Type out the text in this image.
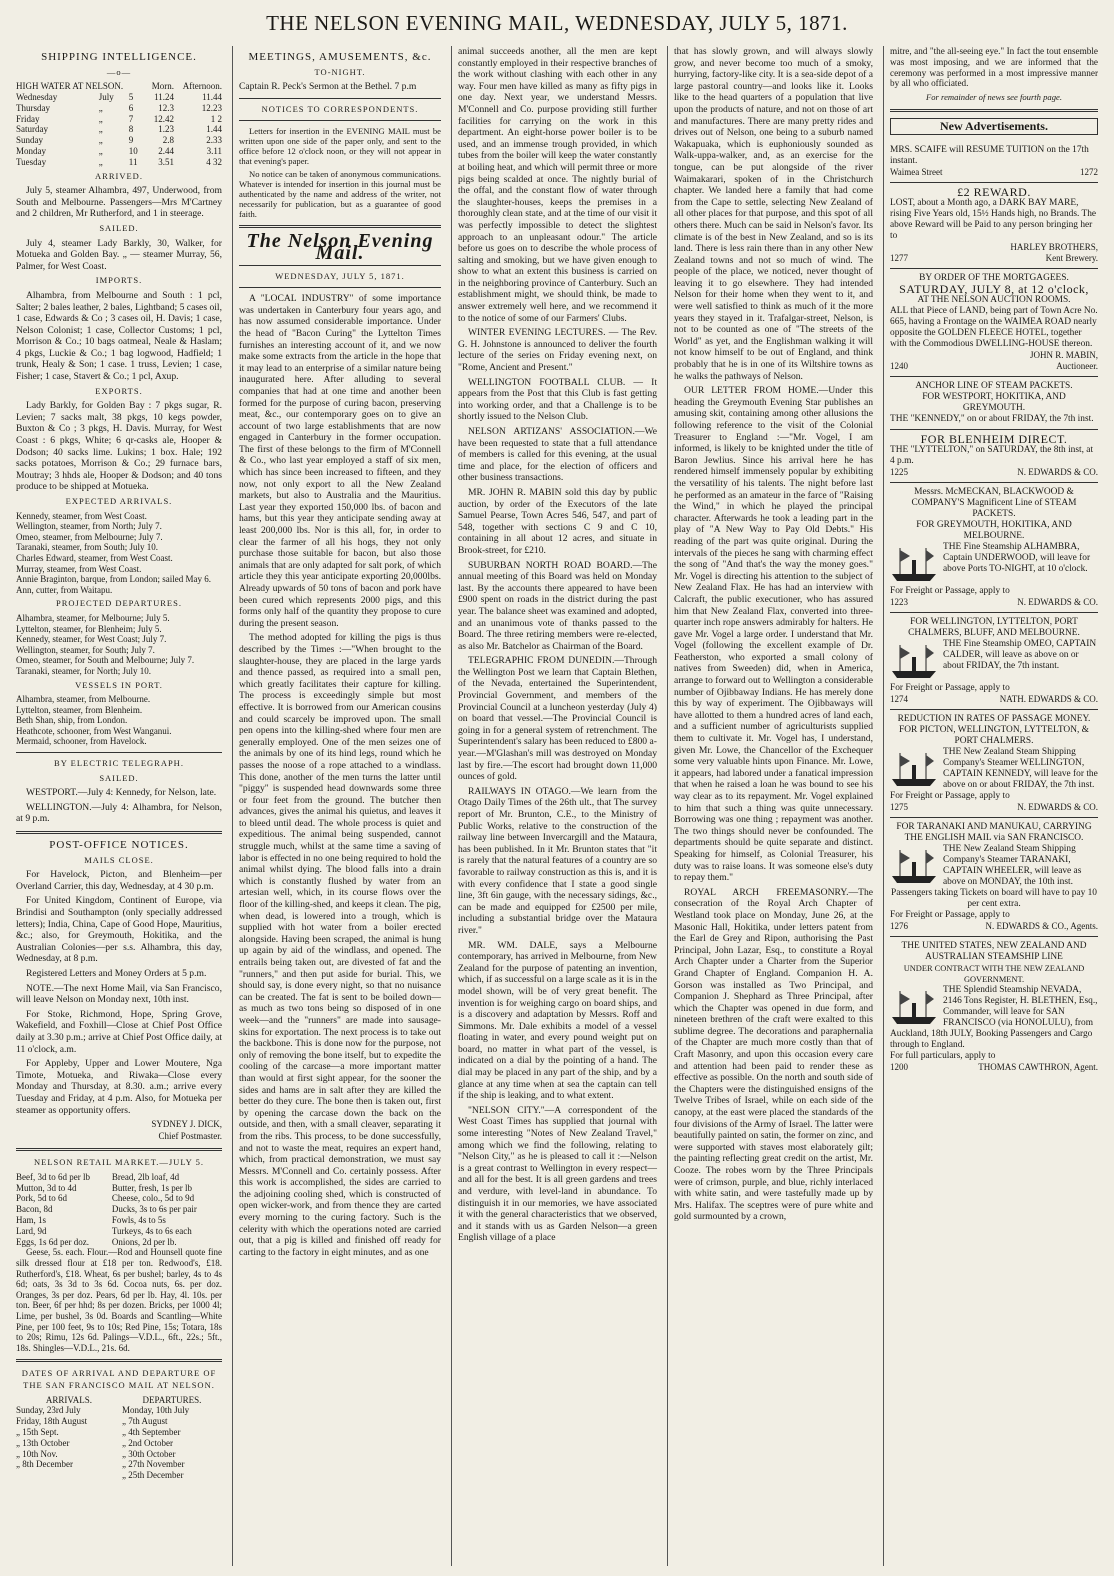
THE NELSON EVENING MAIL, WEDNESDAY, JULY 5, 1871.
SHIPPING INTELLIGENCE.
—o—
HIGH WATER AT NELSON.			Morn.	Afternoon.
Wednesday	July	5	11.24	11.44
Thursday	„	6	12.3	12.23
Friday	„	7	12.42	1 2
Saturday	„	8	1.23	1.44
Sunday	„	9	2.8	2.33
Monday	„	10	2.44	3.11
Tuesday	„	11	3.51	4 32
ARRIVED.

July 5, steamer Alhambra, 497, Underwood, from South and Melbourne. Passengers—Mrs M'Cartney and 2 children, Mr Rutherford, and 1 in steerage.

SAILED.

July 4, steamer Lady Barkly, 30, Walker, for Motueka and Golden Bay. „ — steamer Murray, 56, Palmer, for West Coast.

IMPORTS.

Alhambra, from Melbourne and South : 1 pcl, Salter; 2 bales leather, 2 bales, Lightband; 5 cases oil, 1 case, Edwards & Co ; 3 cases oil, H. Davis; 1 case, Nelson Colonist; 1 case, Collector Customs; 1 pcl, Morrison & Co.; 10 bags oatmeal, Neale & Haslam; 4 pkgs, Luckie & Co.; 1 bag logwood, Hadfield; 1 trunk, Healy & Son; 1 case. 1 truss, Levien; 1 case, Fisher; 1 case, Stavert & Co.; 1 pcl, Axup.

EXPORTS.

Lady Barkly, for Golden Bay : 7 pkgs sugar, R. Levien; 7 sacks malt, 38 pkgs, 10 kegs powder, Buxton & Co ; 3 pkgs, H. Davis. Murray, for West Coast : 6 pkgs, White; 6 qr-casks ale, Hooper & Dodson; 40 sacks lime. Lukins; 1 box. Hale; 192 sacks potatoes, Morrison & Co.; 29 furnace bars, Moutray; 3 hhds ale, Hooper & Dodson; and 40 tons produce to be shipped at Motueka.

EXPECTED ARRIVALS.
Kennedy, steamer, from West Coast.
Wellington, steamer, from North; July 7.
Omeo, steamer, from Melbourne; July 7.
Taranaki, steamer, from South; July 10.
Charles Edward, steamer, from West Coast.
Murray, steamer, from West Coast.
Annie Braginton, barque, from London; sailed May 6.
Ann, cutter, from Waitapu.
PROJECTED DEPARTURES.
Alhambra, steamer, for Melbourne; July 5.
Lyttelton, steamer, for Blenheim; July 5.
Kennedy, steamer, for West Coast; July 7.
Wellington, steamer, for South; July 7.
Omeo, steamer, for South and Melbourne; July 7.
Taranaki, steamer, for North; July 10.
VESSELS IN PORT.
Alhambra, steamer, from Melbourne.
Lyttelton, steamer, from Blenheim.
Beth Shan, ship, from London.
Heathcote, schooner, from West Wanganui.
Mermaid, schooner, from Havelock.
BY ELECTRIC TELEGRAPH.
SAILED.

WESTPORT.—July 4: Kennedy, for Nelson, late.

WELLINGTON.—July 4: Alhambra, for Nelson, at 9 p.m.

POST-OFFICE NOTICES.
MAILS CLOSE.

For Havelock, Picton, and Blenheim—per Overland Carrier, this day, Wednesday, at 4 30 p.m.

For United Kingdom, Continent of Europe, via Brindisi and Southampton (only specially addressed letters); India, China, Cape of Good Hope, Mauritius, &c.; also, for Greymouth, Hokitika, and the Australian Colonies—per s.s. Alhambra, this day, Wednesday, at 8 p.m.

Registered Letters and Money Orders at 5 p.m.

NOTE.—The next Home Mail, via San Francisco, will leave Nelson on Monday next, 10th inst.

For Stoke, Richmond, Hope, Spring Grove, Wakefield, and Foxhill—Close at Chief Post Office daily at 3.30 p.m.; arrive at Chief Post Office daily, at 11 o'clock, a.m.

For Appleby, Upper and Lower Moutere, Nga Timote, Motueka, and Riwaka—Close every Monday and Thursday, at 8.30. a.m.; arrive every Tuesday and Friday, at 4 p.m. Also, for Motueka per steamer as opportunity offers.

SYDNEY J. DICK,
Chief Postmaster.
NELSON RETAIL MARKET.—JULY 5.
Beef, 3d to 6d per lb	Bread, 2lb loaf, 4d
Mutton, 3d to 4d	Butter, fresh, 1s per lb
Pork, 5d to 6d	Cheese, colo., 5d to 9d
Bacon, 8d	Ducks, 3s to 6s per pair
Ham, 1s	Fowls, 4s to 5s
Lard, 9d	Turkeys, 4s to 6s each
Eggs, 1s 6d per doz.	Onions, 2d per lb.

Geese, 5s. each. Flour.—Rod and Hounsell quote fine silk dressed flour at £18 per ton. Redwood's, £18. Rutherford's, £18. Wheat, 6s per bushel; barley, 4s to 4s 6d; oats, 3s 3d to 3s 6d. Cocoa nuts, 6s. per doz. Oranges, 3s per doz. Pears, 6d per lb. Hay, 4l. 10s. per ton. Beer, 6f per hhd; 8s per dozen. Bricks, per 1000 4l; Lime, per bushel, 3s 0d. Boards and Scantling—White Pine, per 100 feet, 9s to 10s; Red Pine, 15s; Totara, 18s to 20s; Rimu, 12s 6d. Palings—V.D.L., 6ft., 22s.; 5ft., 18s. Shingles—V.D.L., 21s. 6d.

DATES OF ARRIVAL AND DEPARTURE OF THE SAN FRANCISCO MAIL AT NELSON.
ARRIVALS.	DEPARTURES.
Sunday, 23rd July	Monday, 10th July
Friday, 18th August	„ 7th August
„ 15th Sept.	„ 4th September
„ 13th October	„ 2nd October
„ 10th Nov.	„ 30th October
„ 8th December	„ 27th November
	„ 25th December
MEETINGS, AMUSEMENTS, &c.
TO-NIGHT.

Captain R. Peck's Sermon at the Bethel. 7 p.m

NOTICES TO CORRESPONDENTS.

Letters for insertion in the EVENING MAIL must be written upon one side of the paper only, and sent to the office before 12 o'clock noon, or they will not appear in that evening's paper.

No notice can be taken of anonymous communications. Whatever is intended for insertion in this journal must be authenticated by the name and address of the writer, not necessarily for publication, but as a guarantee of good faith.

The Nelson Evening Mail.
WEDNESDAY, JULY 5, 1871.

A "LOCAL INDUSTRY" of some importance was undertaken in Canterbury four years ago, and has now assumed considerable importance. Under the head of "Bacon Curing" the Lyttelton Times furnishes an interesting account of it, and we now make some extracts from the article in the hope that it may lead to an enterprise of a similar nature being inaugurated here. After alluding to several companies that had at one time and another been formed for the purpose of curing bacon, preserving meat, &c., our contemporary goes on to give an account of two large establishments that are now engaged in Canterbury in the former occupation. The first of these belongs to the firm of M'Connell & Co., who last year employed a staff of six men, which has since been increased to fifteen, and they now, not only export to all the New Zealand markets, but also to Australia and the Mauritius. Last year they exported 150,000 lbs. of bacon and hams, but this year they anticipate sending away at least 200,000 lbs. Nor is this all, for, in order to clear the farmer of all his hogs, they not only purchase those suitable for bacon, but also those animals that are only adapted for salt pork, of which article they this year anticipate exporting 20,000lbs. Already upwards of 50 tons of bacon and pork have been cured which represents 2000 pigs, and this forms only half of the quantity they propose to cure during the present season.

The method adopted for killing the pigs is thus described by the Times :—"When brought to the slaughter-house, they are placed in the large yards and thence passed, as required into a small pen, which greatly facilitates their capture for killing. The process is exceedingly simple but most effective. It is borrowed from our American cousins and could scarcely be improved upon. The small pen opens into the killing-shed where four men are generally employed. One of the men seizes one of the animals by one of its hind legs, round which he passes the noose of a rope attached to a windlass. This done, another of the men turns the latter until "piggy" is suspended head downwards some three or four feet from the ground. The butcher then advances, gives the animal his quietus, and leaves it to bleed until dead. The whole process is quiet and expeditious. The animal being suspended, cannot struggle much, whilst at the same time a saving of labor is effected in no one being required to hold the animal whilst dying. The blood falls into a drain which is constantly flushed by water from an artesian well, which, in its course flows over the floor of the killing-shed, and keeps it clean. The pig, when dead, is lowered into a trough, which is supplied with hot water from a boiler erected alongside. Having been scraped, the animal is hung up again by aid of the windlass, and opened. The entrails being taken out, are divested of fat and the "runners," and then put aside for burial. This, we should say, is done every night, so that no nuisance can be created. The fat is sent to be boiled down—as much as two tons being so disposed of in one week—and the "runners" are made into sausage-skins for exportation. The next process is to take out the backbone. This is done now for the purpose, not only of removing the bone itself, but to expedite the cooling of the carcase—a more important matter than would at first sight appear, for the sooner the sides and hams are in salt after they are killed the better do they cure. The bone then is taken out, first by opening the carcase down the back on the outside, and then, with a small cleaver, separating it from the ribs. This process, to be done successfully, and not to waste the meat, requires an expert hand, which, from practical demonstration, we must say Messrs. M'Connell and Co. certainly possess. After this work is accomplished, the sides are carried to the adjoining cooling shed, which is constructed of open wicker-work, and from thence they are carted every morning to the curing factory. Such is the celerity with which the operations noted are carried out, that a pig is killed and finished off ready for carting to the factory in eight minutes, and as one

animal succeeds another, all the men are kept constantly employed in their respective branches of the work without clashing with each other in any way. Four men have killed as many as fifty pigs in one day. Next year, we understand Messrs. M'Connell and Co. purpose providing still further facilities for carrying on the work in this department. An eight-horse power boiler is to be used, and an immense trough provided, in which tubes from the boiler will keep the water constantly at boiling heat, and which will permit three or more pigs being scalded at once. The nightly burial of the offal, and the constant flow of water through the slaughter-houses, keeps the premises in a thoroughly clean state, and at the time of our visit it was perfectly impossible to detect the slightest approach to an unpleasant odour." The article before us goes on to describe the whole process of salting and smoking, but we have given enough to show to what an extent this business is carried on in the neighboring province of Canterbury. Such an establishment might, we should think, be made to answer extremely well here, and we recommend it to the notice of some of our Farmers' Clubs.

WINTER EVENING LECTURES. — The Rev. G. H. Johnstone is announced to deliver the fourth lecture of the series on Friday evening next, on "Rome, Ancient and Present."

WELLINGTON FOOTBALL CLUB. — It appears from the Post that this Club is fast getting into working order, and that a Challenge is to be shortly issued to the Nelson Club.

NELSON ARTIZANS' ASSOCIATION.—We have been requested to state that a full attendance of members is called for this evening, at the usual time and place, for the election of officers and other business transactions.

MR. JOHN R. MABIN sold this day by public auction, by order of the Executors of the late Samuel Pearse, Town Acres 546, 547, and part of 548, together with sections C 9 and C 10, containing in all about 12 acres, and situate in Brook-street, for £210.

SUBURBAN NORTH ROAD BOARD.—The annual meeting of this Board was held on Monday last. By the accounts there appeared to have been £900 spent on roads in the district during the past year. The balance sheet was examined and adopted, and an unanimous vote of thanks passed to the Board. The three retiring members were re-elected, as also Mr. Batchelor as Chairman of the Board.

TELEGRAPHIC FROM DUNEDIN.—Through the Wellington Post we learn that Captain Blethen, of the Nevada, entertained the Superintendent, Provincial Government, and members of the Provincial Council at a luncheon yesterday (July 4) on board that vessel.—The Provincial Council is going in for a general system of retrenchment. The Superintendent's salary has been reduced to £800 a-year.—M'Glashan's mill was destroyed on Monday last by fire.—The escort had brought down 11,000 ounces of gold.

RAILWAYS IN OTAGO.—We learn from the Otago Daily Times of the 26th ult., that The survey report of Mr. Brunton, C.E., to the Ministry of Public Works, relative to the construction of the railway line between Invercargill and the Mataura, has been published. In it Mr. Brunton states that "it is rarely that the natural features of a country are so favorable to railway construction as this is, and it is with every confidence that I state a good single line, 3ft 6in gauge, with the necessary sidings, &c., can be made and equipped for £2500 per mile, including a substantial bridge over the Mataura river."

MR. WM. DALE, says a Melbourne contemporary, has arrived in Melbourne, from New Zealand for the purpose of patenting an invention, which, if as successful on a large scale as it is in the model shown, will be of very great benefit. The invention is for weighing cargo on board ships, and is a discovery and adaptation by Messrs. Roff and Simmons. Mr. Dale exhibits a model of a vessel floating in water, and every pound weight put on board, no matter in what part of the vessel, is indicated on a dial by the pointing of a hand. The dial may be placed in any part of the ship, and by a glance at any time when at sea the captain can tell if the ship is leaking, and to what extent.

"NELSON CITY."—A correspondent of the West Coast Times has supplied that journal with some interesting "Notes of New Zealand Travel," among which we find the following, relating to "Nelson City," as he is pleased to call it :—Nelson is a great contrast to Wellington in every respect—and all for the best. It is all green gardens and trees and verdure, with level-land in abundance. To distinguish it in our memories, we have associated it with the general characteristics that we observed, and it stands with us as Garden Nelson—a green English village of a place

that has slowly grown, and will always slowly grow, and never become too much of a smoky, hurrying, factory-like city. It is a sea-side depot of a large pastoral country—and looks like it. Looks like to the head quarters of a population that live upon the products of nature, and not on those of art and manufactures. There are many pretty rides and drives out of Nelson, one being to a suburb named Wakapuaka, which is euphoniously sounded as Walk-uppa-walker, and, as an exercise for the tongue, can be put alongside of the river Waimakarari, spoken of in the Christchurch chapter. We landed here a family that had come from the Cape to settle, selecting New Zealand of all other places for that purpose, and this spot of all others there. Much can be said in Nelson's favor. Its climate is of the best in New Zealand, and so is its land. There is less rain there than in any other New Zealand towns and not so much of wind. The people of the place, we noticed, never thought of leaving it to go elsewhere. They had intended Nelson for their home when they went to it, and were well satisfied to think as much of it the more years they stayed in it. Trafalgar-street, Nelson, is not to be counted as one of "The streets of the World" as yet, and the Englishman walking it will not know himself to be out of England, and think probably that he is in one of its Wiltshire towns as he walks the pathways of Nelson.

OUR LETTER FROM HOME.—Under this heading the Greymouth Evening Star publishes an amusing skit, containing among other allusions the following reference to the visit of the Colonial Treasurer to England :—"Mr. Vogel, I am informed, is likely to be knighted under the title of Baron Jewlius. Since his arrival here he has rendered himself immensely popular by exhibiting the versatility of his talents. The night before last he performed as an amateur in the farce of "Raising the Wind," in which he played the principal character. Afterwards he took a leading part in the play of "A New Way to Pay Old Debts." His reading of the part was quite original. During the intervals of the pieces he sang with charming effect the song of "And that's the way the money goes." Mr. Vogel is directing his attention to the subject of New Zealand Flax. He has had an interview with Calcraft, the public executioner, who has assured him that New Zealand Flax, converted into three-quarter inch rope answers admirably for halters. He gave Mr. Vogel a large order. I understand that Mr. Vogel (following the excellent example of Dr. Featherston, who exported a small colony of natives from Sweeden) did, when in America, arrange to forward out to Wellington a considerable number of Ojibbaway Indians. He has merely done this by way of experiment. The Ojibbaways will have allotted to them a hundred acres of land each, and a sufficient number of agriculturists supplied them to cultivate it. Mr. Vogel has, I understand, given Mr. Lowe, the Chancellor of the Exchequer some very valuable hints upon Finance. Mr. Lowe, it appears, had labored under a fanatical impression that when he raised a loan he was bound to see his way clear as to its repayment. Mr. Vogel explained to him that such a thing was quite unnecessary. Borrowing was one thing ; repayment was another. The two things should never be confounded. The departments should be quite separate and distinct. Speaking for himself, as Colonial Treasurer, his duty was to raise loans. It was someone else's duty to repay them."

ROYAL ARCH FREEMASONRY.—The consecration of the Royal Arch Chapter of Westland took place on Monday, June 26, at the Masonic Hall, Hokitika, under letters patent from the Earl de Grey and Ripon, authorising the Past Principal, John Lazar, Esq., to constitute a Royal Arch Chapter under a Charter from the Superior Grand Chapter of England. Companion H. A. Gorson was installed as Two Principal, and Companion J. Shephard as Three Principal, after which the Chapter was opened in due form, and nineteen brethren of the craft were exalted to this sublime degree. The decorations and paraphernalia of the Chapter are much more costly than that of Craft Masonry, and upon this occasion every care and attention had been paid to render these as effective as possible. On the north and south side of the Chapters were the distinguished ensigns of the Twelve Tribes of Israel, while on each side of the canopy, at the east were placed the standards of the four divisions of the Army of Israel. The latter were beautifully painted on satin, the former on zinc, and were supported with staves most elaborately gilt; the painting reflecting great credit on the artist, Mr. Cooze. The robes worn by the Three Principals were of crimson, purple, and blue, richly interlaced with white satin, and were tastefully made up by Mrs. Halifax. The sceptres were of pure white and gold surmounted by a crown,

mitre, and "the all-seeing eye." In fact the tout ensemble was most imposing, and we are informed that the ceremony was performed in a most impressive manner by all who officiated.

For remainder of news see fourth page.
New Advertisements.
MRS. SCAIFE will RESUME TUITION on the 17th instant.
Waimea Street	1272
£2 REWARD.
LOST, about a Month ago, a DARK BAY MARE, rising Five Years old, 15½ Hands high, no Brands. The above Reward will be Paid to any person bringing her to
HARLEY BROTHERS,
1277	Kent Brewery.
BY ORDER OF THE MORTGAGEES.
SATURDAY, JULY 8, at 12 o'clock,
AT THE NELSON AUCTION ROOMS.
ALL that Piece of LAND, being part of Town Acre No. 665, having a Frontage on the WAIMEA ROAD nearly opposite the GOLDEN FLEECE HOTEL, together with the Commodious DWELLING-HOUSE thereon.
JOHN R. MABIN,
1240	Auctioneer.
ANCHOR LINE OF STEAM PACKETS.
FOR WESTPORT, HOKITIKA, AND GREYMOUTH.
THE "KENNEDY," on or about FRIDAY, the 7th inst.
FOR BLENHEIM DIRECT.
THE "LYTTELTON," on SATURDAY, the 8th inst, at 4 p.m.
1225	N. EDWARDS & CO.
Messrs. McMECKAN, BLACKWOOD & COMPANY'S Magnificent Line of STEAM PACKETS.
FOR GREYMOUTH, HOKITIKA, AND MELBOURNE.
THE Fine Steamship ALHAMBRA, Captain UNDERWOOD, will leave for above Ports TO-NIGHT, at 10 o'clock.
For Freight or Passage, apply to
1223	N. EDWARDS & CO.
FOR WELLINGTON, LYTTELTON, PORT CHALMERS, BLUFF, AND MELBOURNE.
THE Fine Steamship OMEO, CAPTAIN CALDER, will leave as above on or about FRIDAY, the 7th instant.
For Freight or Passage, apply to
1274	NATH. EDWARDS & CO.
REDUCTION IN RATES OF PASSAGE MONEY.
FOR PICTON, WELLINGTON, LYTTELTON, & PORT CHALMERS.
THE New Zealand Steam Shipping Company's Steamer WELLINGTON, CAPTAIN KENNEDY, will leave for the above on or about FRIDAY, the 7th inst.
For Freight or Passage, apply to
1275	N. EDWARDS & CO.
FOR TARANAKI AND MANUKAU, CARRYING THE ENGLISH MAIL via SAN FRANCISCO.
THE New Zealand Steam Shipping Company's Steamer TARANAKI, CAPTAIN WHEELER, will leave as above on MONDAY, the 10th inst.
Passengers taking Tickets on board will have to pay 10 per cent extra.
For Freight or Passage, apply to
1276	N. EDWARDS & CO., Agents.
THE UNITED STATES, NEW ZEALAND AND AUSTRALIAN STEAMSHIP LINE
UNDER CONTRACT WITH THE NEW ZEALAND GOVERNMENT.
THE Splendid Steamship NEVADA, 2146 Tons Register, H. BLETHEN, Esq., Commander, will leave for SAN FRANCISCO (via HONOLULU), from Auckland, 18th JULY, Booking Passengers and Cargo through to England.
For full particulars, apply to
1200	THOMAS CAWTHRON, Agent.
